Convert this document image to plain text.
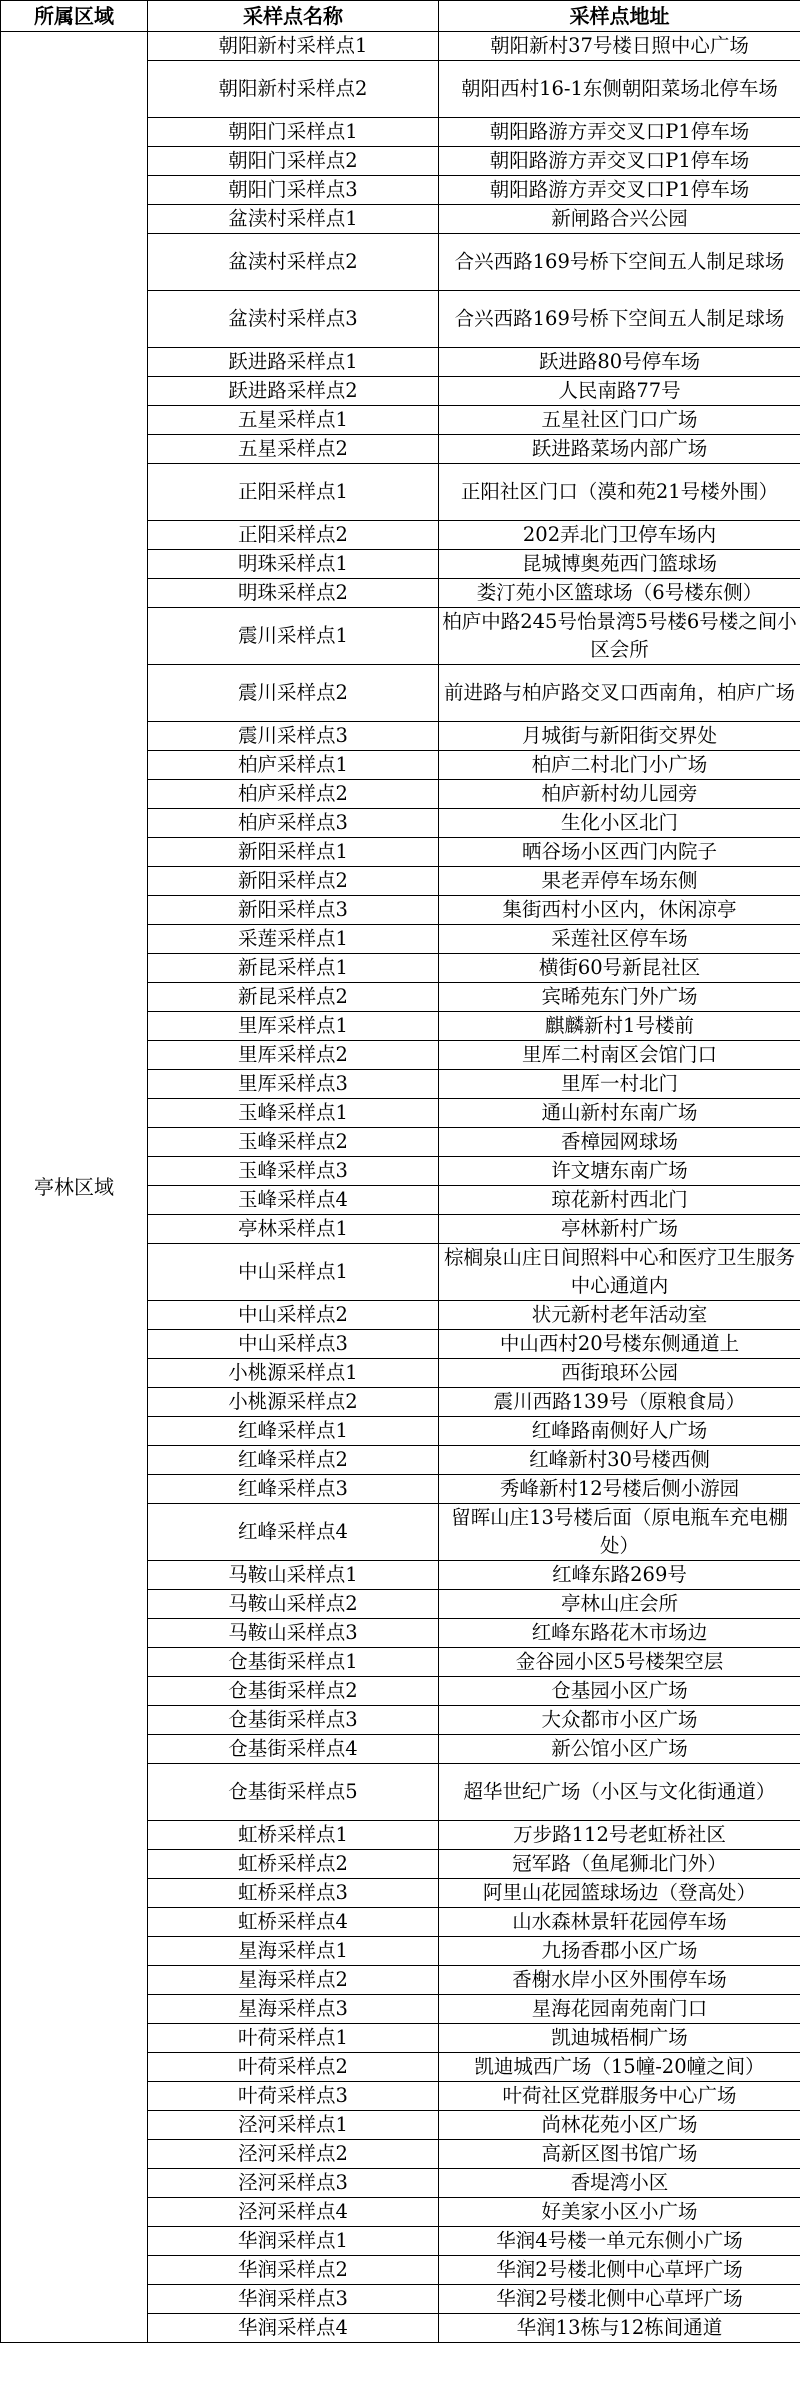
所属区域	采样点名称	采样点地址
亭林区域	朝阳新村采样点1	朝阳新村37号楼日照中心广场
	朝阳新村采样点2	朝阳西村16-1东侧朝阳菜场北停车场
	朝阳门采样点1	朝阳路游方弄交叉口P1停车场
	朝阳门采样点2	朝阳路游方弄交叉口P1停车场
	朝阳门采样点3	朝阳路游方弄交叉口P1停车场
	盆渎村采样点1	新闸路合兴公园
	盆渎村采样点2	合兴西路169号桥下空间五人制足球场
	盆渎村采样点3	合兴西路169号桥下空间五人制足球场
	跃进路采样点1	跃进路80号停车场
	跃进路采样点2	人民南路77号
	五星采样点1	五星社区门口广场
	五星采样点2	跃进路菜场内部广场
	正阳采样点1	正阳社区门口（漠和苑21号楼外围）
	正阳采样点2	202弄北门卫停车场内
	明珠采样点1	昆城博奥苑西门篮球场
	明珠采样点2	娄汀苑小区篮球场（6号楼东侧）
	震川采样点1	柏庐中路245号怡景湾5号楼6号楼之间小区会所
	震川采样点2	前进路与柏庐路交叉口西南角，柏庐广场
	震川采样点3	月城街与新阳街交界处
	柏庐采样点1	柏庐二村北门小广场
	柏庐采样点2	柏庐新村幼儿园旁
	柏庐采样点3	生化小区北门
	新阳采样点1	晒谷场小区西门内院子
	新阳采样点2	果老弄停车场东侧
	新阳采样点3	集街西村小区内，休闲凉亭
	采莲采样点1	采莲社区停车场
	新昆采样点1	横街60号新昆社区
	新昆采样点2	宾晞苑东门外广场
	里厍采样点1	麒麟新村1号楼前
	里厍采样点2	里厍二村南区会馆门口
	里厍采样点3	里厍一村北门
	玉峰采样点1	通山新村东南广场
	玉峰采样点2	香樟园网球场
	玉峰采样点3	许文塘东南广场
	玉峰采样点4	琼花新村西北门
	亭林采样点1	亭林新村广场
	中山采样点1	棕榈泉山庄日间照料中心和医疗卫生服务中心通道内
	中山采样点2	状元新村老年活动室
	中山采样点3	中山西村20号楼东侧通道上
	小桃源采样点1	西街琅环公园
	小桃源采样点2	震川西路139号（原粮食局）
	红峰采样点1	红峰路南侧好人广场
	红峰采样点2	红峰新村30号楼西侧
	红峰采样点3	秀峰新村12号楼后侧小游园
	红峰采样点4	留晖山庄13号楼后面（原电瓶车充电棚处）
	马鞍山采样点1	红峰东路269号
	马鞍山采样点2	亭林山庄会所
	马鞍山采样点3	红峰东路花木市场边
	仓基街采样点1	金谷园小区5号楼架空层
	仓基街采样点2	仓基园小区广场
	仓基街采样点3	大众都市小区广场
	仓基街采样点4	新公馆小区广场
	仓基街采样点5	超华世纪广场（小区与文化街通道）
	虹桥采样点1	万步路112号老虹桥社区
	虹桥采样点2	冠军路（鱼尾狮北门外）
	虹桥采样点3	阿里山花园篮球场边（登高处）
	虹桥采样点4	山水森林景轩花园停车场
	星海采样点1	九扬香郡小区广场
	星海采样点2	香榭水岸小区外围停车场
	星海采样点3	星海花园南苑南门口
	叶荷采样点1	凯迪城梧桐广场
	叶荷采样点2	凯迪城西广场（15幢-20幢之间）
	叶荷采样点3	叶荷社区党群服务中心广场
	泾河采样点1	尚林花苑小区广场
	泾河采样点2	高新区图书馆广场
	泾河采样点3	香堤湾小区
	泾河采样点4	好美家小区小广场
	华润采样点1	华润4号楼一单元东侧小广场
	华润采样点2	华润2号楼北侧中心草坪广场
	华润采样点3	华润2号楼北侧中心草坪广场
	华润采样点4	华润13栋与12栋间通道
